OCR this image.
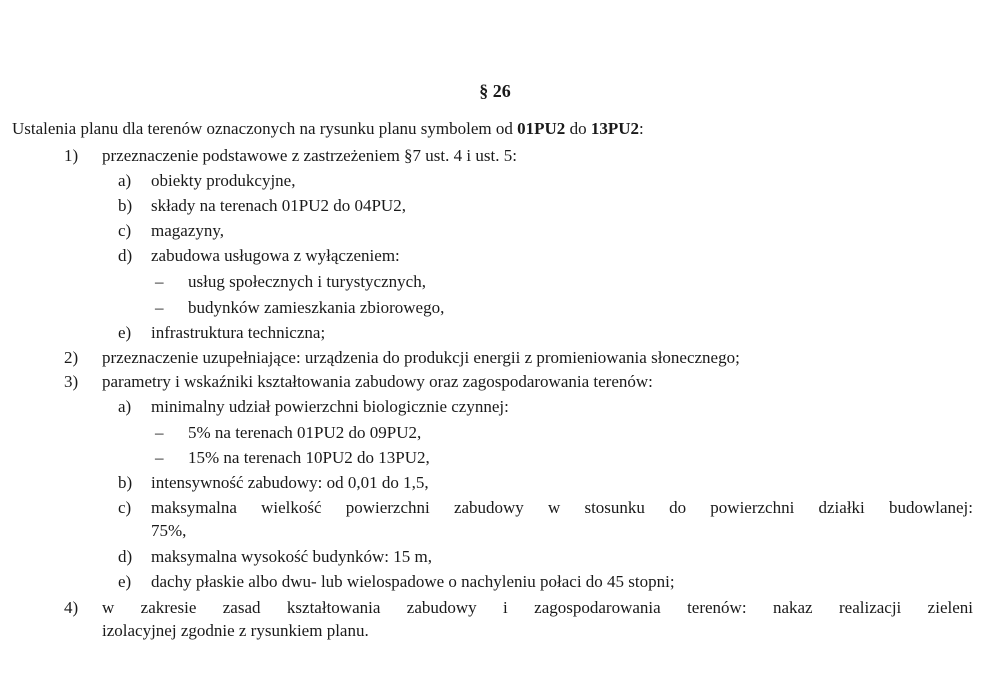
§ 26
Ustalenia planu dla terenów oznaczonych na rysunku planu symbolem od 01PU2 do 13PU2:
1) przeznaczenie podstawowe z zastrzeżeniem §7 ust. 4 i ust. 5:
a) obiekty produkcyjne,
b) składy na terenach 01PU2 do 04PU2,
c) magazyny,
d) zabudowa usługowa z wyłączeniem:
– usług społecznych i turystycznych,
– budynków zamieszkania zbiorowego,
e) infrastruktura techniczna;
2) przeznaczenie uzupełniające: urządzenia do produkcji energii z promieniowania słonecznego;
3) parametry i wskaźniki kształtowania zabudowy oraz zagospodarowania terenów:
a) minimalny udział powierzchni biologicznie czynnej:
– 5% na terenach 01PU2 do 09PU2,
– 15% na terenach 10PU2 do 13PU2,
b) intensywność zabudowy: od 0,01 do 1,5,
c) maksymalna wielkość powierzchni zabudowy w stosunku do powierzchni działki budowlanej:
75%,
d) maksymalna wysokość budynków: 15 m,
e) dachy płaskie albo dwu- lub wielospadowe o nachyleniu połaci do 45 stopni;
4) w zakresie zasad kształtowania zabudowy i zagospodarowania terenów: nakaz realizacji zieleni
izolacyjnej zgodnie z rysunkiem planu.
